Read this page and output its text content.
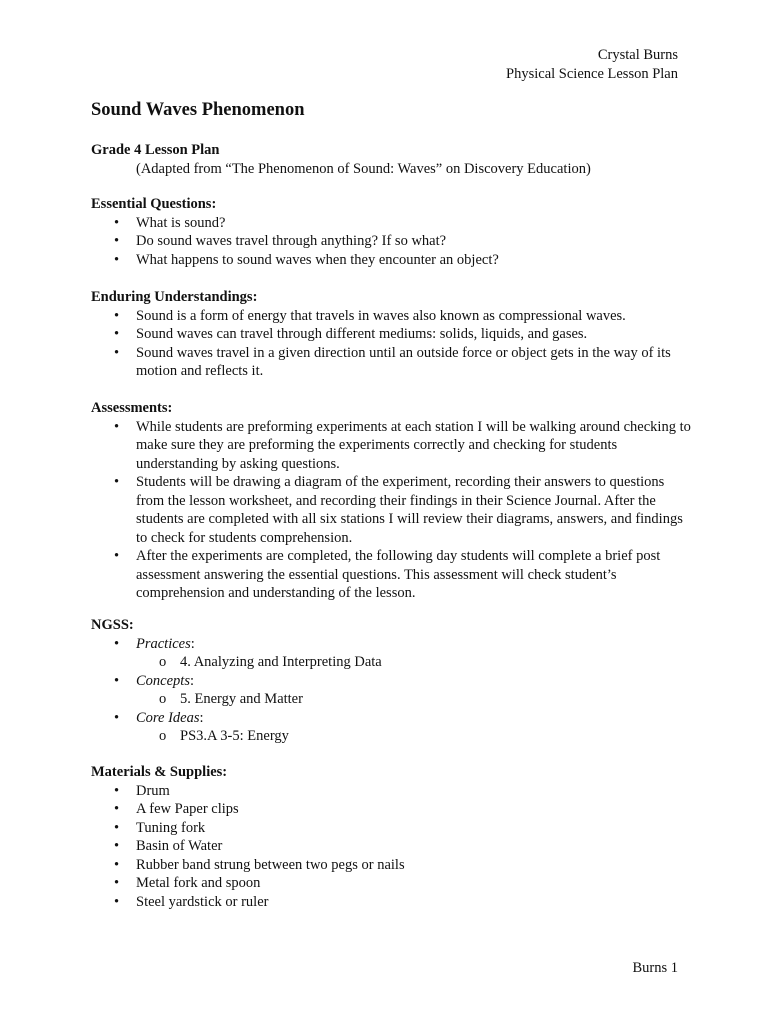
Crystal Burns
Physical Science Lesson Plan
Sound Waves Phenomenon
Grade 4 Lesson Plan
(Adapted from “The Phenomenon of Sound: Waves” on Discovery Education)
Essential Questions:
• What is sound?
• Do sound waves travel through anything? If so what?
• What happens to sound waves when they encounter an object?
Enduring Understandings:
• Sound is a form of energy that travels in waves also known as compressional waves.
• Sound waves can travel through different mediums: solids, liquids, and gases.
• Sound waves travel in a given direction until an outside force or object gets in the way of its motion and reflects it.
Assessments:
• While students are preforming experiments at each station I will be walking around checking to make sure they are preforming the experiments correctly and checking for students understanding by asking questions.
• Students will be drawing a diagram of the experiment, recording their answers to questions from the lesson worksheet, and recording their findings in their Science Journal. After the students are completed with all six stations I will review their diagrams, answers, and findings to check for students comprehension.
• After the experiments are completed, the following day students will complete a brief post assessment answering the essential questions. This assessment will check student’s comprehension and understanding of the lesson.
NGSS:
• Practices:
o 4. Analyzing and Interpreting Data
• Concepts:
o 5. Energy and Matter
• Core Ideas:
o PS3.A 3-5: Energy
Materials & Supplies:
• Drum
• A few Paper clips
• Tuning fork
• Basin of Water
• Rubber band strung between two pegs or nails
• Metal fork and spoon
• Steel yardstick or ruler
Burns 1
